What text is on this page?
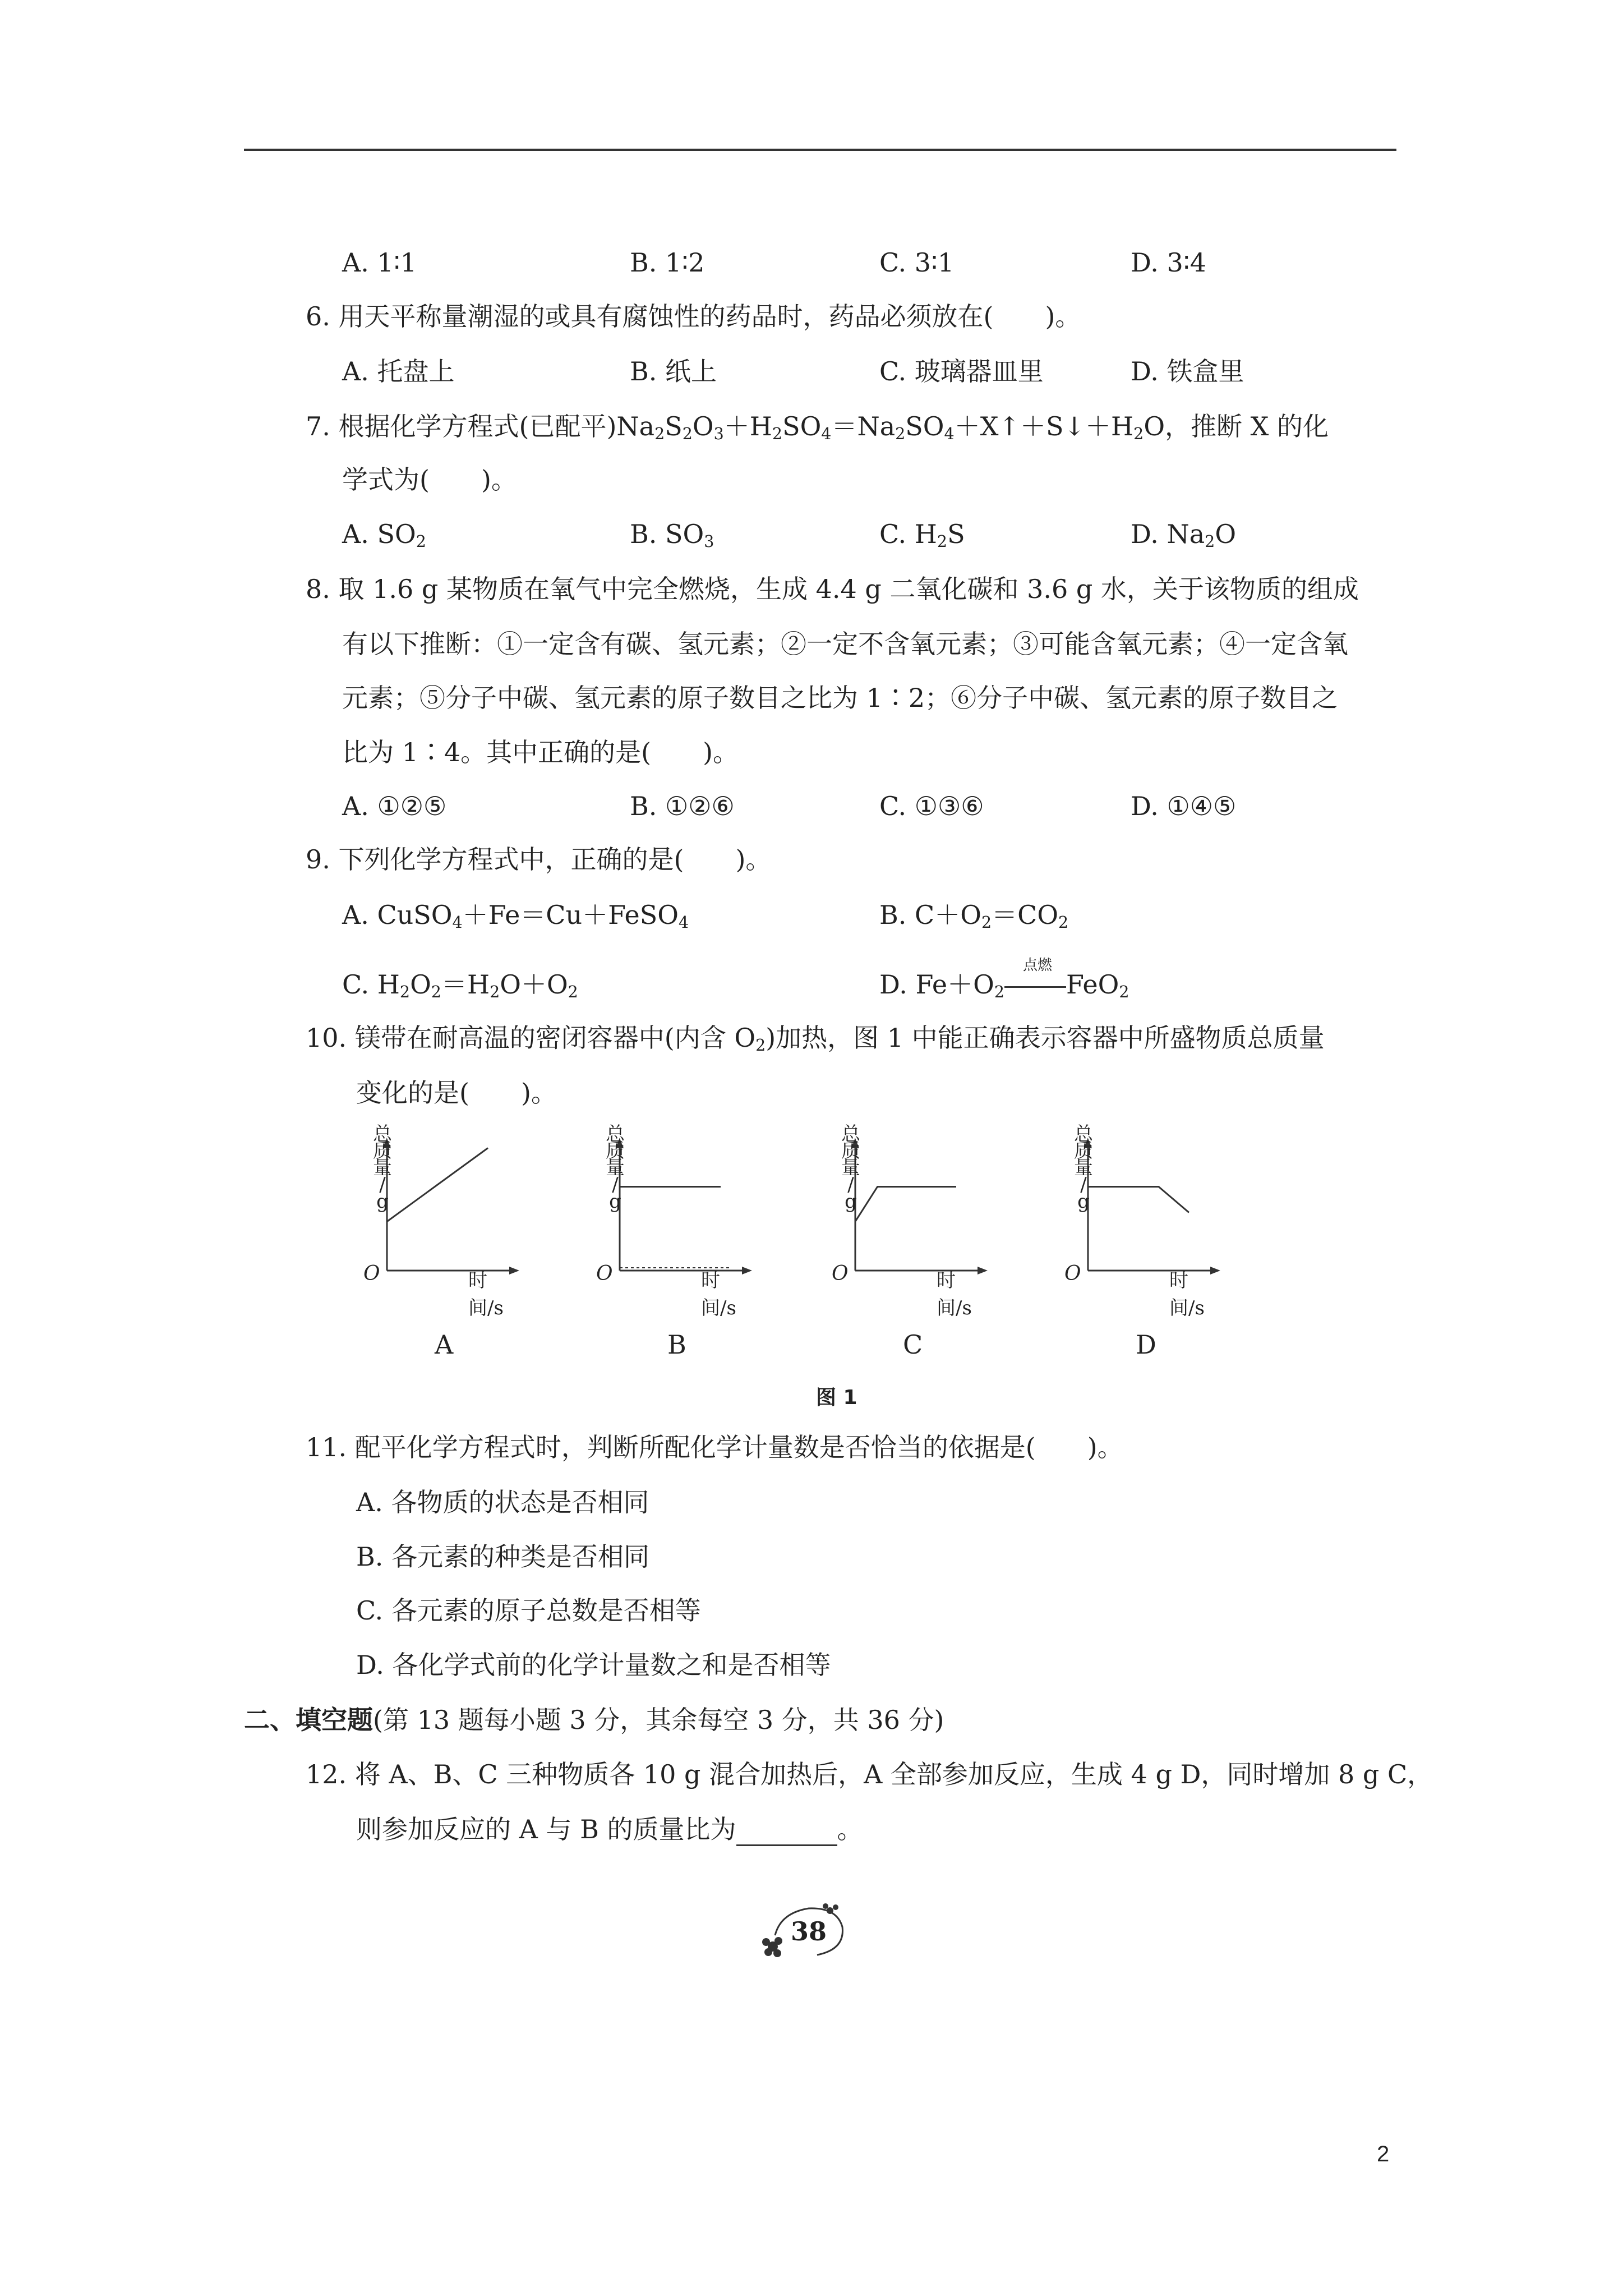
A. 1∶1	B. 1∶2	C. 3∶1	D. 3∶4
6. 用天平称量潮湿的或具有腐蚀性的药品时，药品必须放在(　　)。
A. 托盘上	B. 纸上	C. 玻璃器皿里	D. 铁盒里
7. 根据化学方程式(已配平)$Na_2S_2O_3+H_2SO_4=Na_2SO_4+X↑+S↓+H_2O$，推断 X 的化
学式为(　　)。
A. $SO_2$	B. $SO_3$	C. $H_2S$	D. $Na_2O$
8. 取 1.6 g 某物质在氧气中完全燃烧，生成 4.4 g 二氧化碳和 3.6 g 水，关于该物质的组成
有以下推断：①一定含有碳、氢元素；②一定不含氧元素；③可能含氧元素；④一定含氧
元素；⑤分子中碳、氢元素的原子数目之比为 1∶2；⑥分子中碳、氢元素的原子数目之
比为 1∶4。其中正确的是(　　)。
A. ①②⑤	B. ①②⑥	C. ①③⑥	D. ①④⑤
9. 下列化学方程式中，正确的是(　　)。
A. CuSO$_4$＋Fe＝Cu＋FeSO$_4$	B. $C+O_2=CO_2$
C. $H_2O_2=H_2O+O_2$	D. $Fe+O_2$
点燃
FeO$_2$
10. 镁带在耐高温的密闭容器中(内含 $O_2$)加热，图 1 中能正确表示容器中所盛物质总质量
变化的是(　　)。
总
质
量
/
g
O	时间/s
A
总
质
量
/
g
O	时间/s
B
总
质
量
/
g
O	时间/s
C
总
质
量
/
g
O	时间/s
D
图 1
11. 配平化学方程式时，判断所配化学计量数是否恰当的依据是(　　)。
A. 各物质的状态是否相同
B. 各元素的种类是否相同
C. 各元素的原子总数是否相等
D. 各化学式前的化学计量数之和是否相等
二、填空题(第 13 题每小题 3 分，其余每空 3 分，共 36 分)
12. 将 A、B、C 三种物质各 10 g 混合加热后，A 全部参加反应，生成 4 g D，同时增加 8 g C，
则参加反应的 A 与 B 的质量比为	。
38
2
